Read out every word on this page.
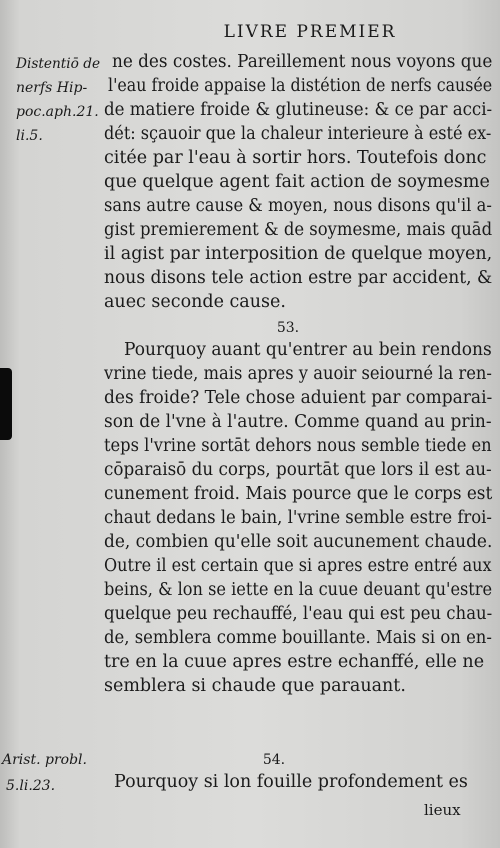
LIVRE PREMIER
Distentiō de
nerfs Hip-
poc.aph.21.
li.5.
Arist. probl.
5.li.23.
ne des costes. Pareillement nous voyons que
l'eau froide appaise la distétion de nerfs causée
de matiere froide & glutineuse: & ce par acci-
dét: sçauoir que la chaleur interieure à esté ex-
citée par l'eau à sortir hors. Toutefois donc
que quelque agent fait action de soymesme
sans autre cause & moyen, nous disons qu'il a-
gist premierement & de soymesme, mais quād
il agist par interposition de quelque moyen,
nous disons tele action estre par accident, &
auec seconde cause.
53.
Pourquoy auant qu'entrer au bein rendons
vrine tiede, mais apres y auoir seiourné la ren-
des froide? Tele chose aduient par comparai-
son de l'vne à l'autre. Comme quand au prin-
teps l'vrine sortāt dehors nous semble tiede en
cōparaisō du corps, pourtāt que lors il est au-
cunement froid. Mais pource que le corps est
chaut dedans le bain, l'vrine semble estre froi-
de, combien qu'elle soit aucunement chaude.
Outre il est certain que si apres estre entré aux
beins, & lon se iette en la cuue deuant qu'estre
quelque peu rechauffé, l'eau qui est peu chau-
de, semblera comme bouillante. Mais si on en-
tre en la cuue apres estre echanffé, elle ne
semblera si chaude que parauant.
54.
Pourquoy si lon fouille profondement es
lieux
